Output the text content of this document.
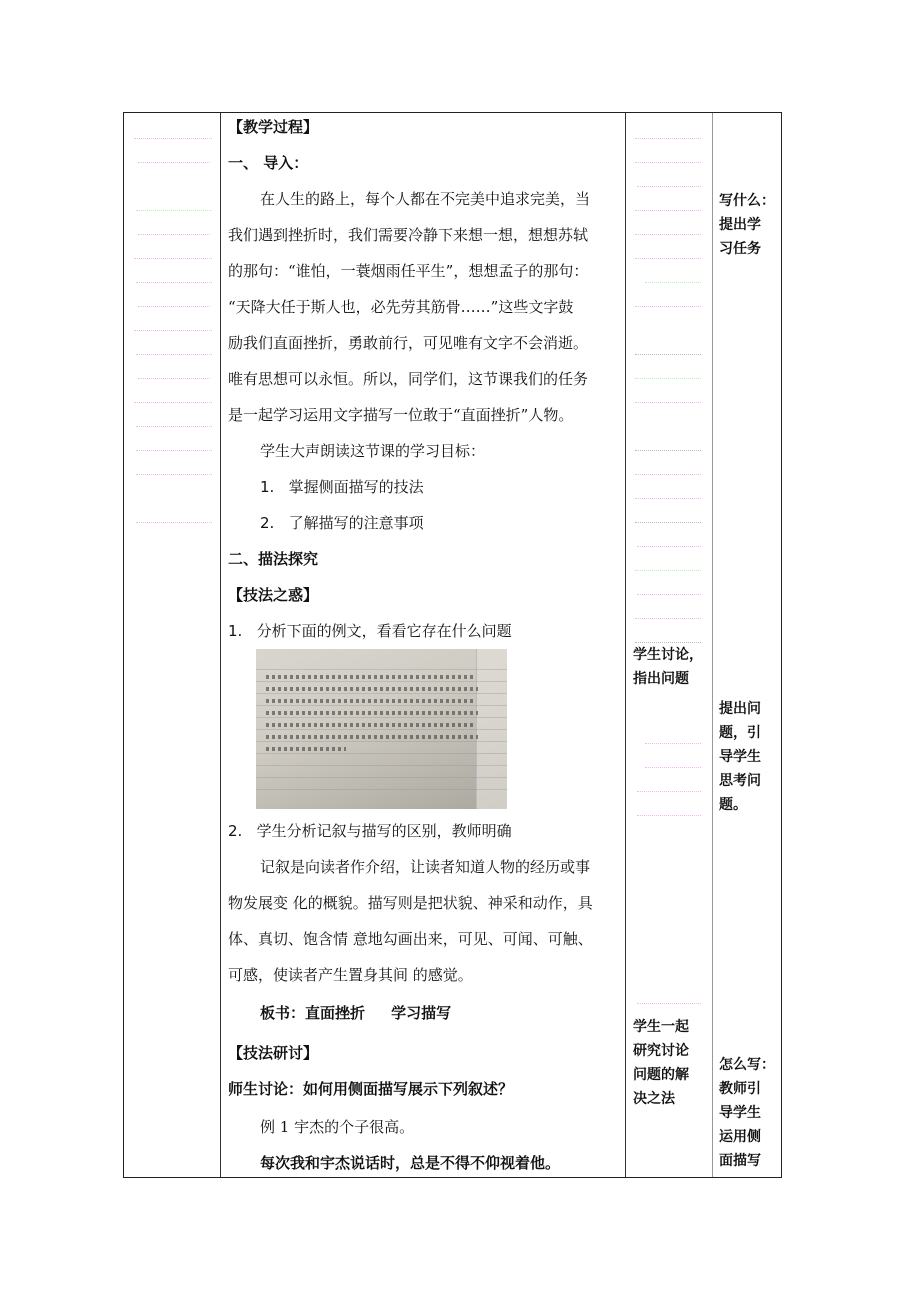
【教学过程】
一、 导入：
在人生的路上，每个人都在不完美中追求完美，当
我们遇到挫折时，我们需要冷静下来想一想，想想苏轼
的那句：“谁怕，一蓑烟雨任平生”，想想孟子的那句：
“天降大任于斯人也，必先劳其筋骨……”这些文字鼓
励我们直面挫折，勇敢前行，可见唯有文字不会消逝。
唯有思想可以永恒。所以，同学们，这节课我们的任务
是一起学习运用文字描写一位敢于“直面挫折”人物。
学生大声朗读这节课的学习目标：
1. 掌握侧面描写的技法
2. 了解描写的注意事项
二、描法探究
【技法之惑】
1. 分析下面的例文，看看它存在什么问题
2. 学生分析记叙与描写的区别，教师明确
记叙是向读者作介绍，让读者知道人物的经历或事
物发展变 化的概貌。描写则是把状貌、神采和动作，具
体、真切、饱含情 意地勾画出来，可见、可闻、可触、
可感，使读者产生置身其间 的感觉。
板书：直面挫折     学习描写
【技法研讨】
师生讨论：如何用侧面描写展示下列叙述？
例 1 宇杰的个子很高。
每次我和宇杰说话时，总是不得不仰视着他。
学生讨论，
指出问题
学生一起
研究讨论
问题的解
决之法
写什么：
提出学
习任务
提出问
题，引
导学生
思考问
题。
怎么写：
教师引
导学生
运用侧
面描写
